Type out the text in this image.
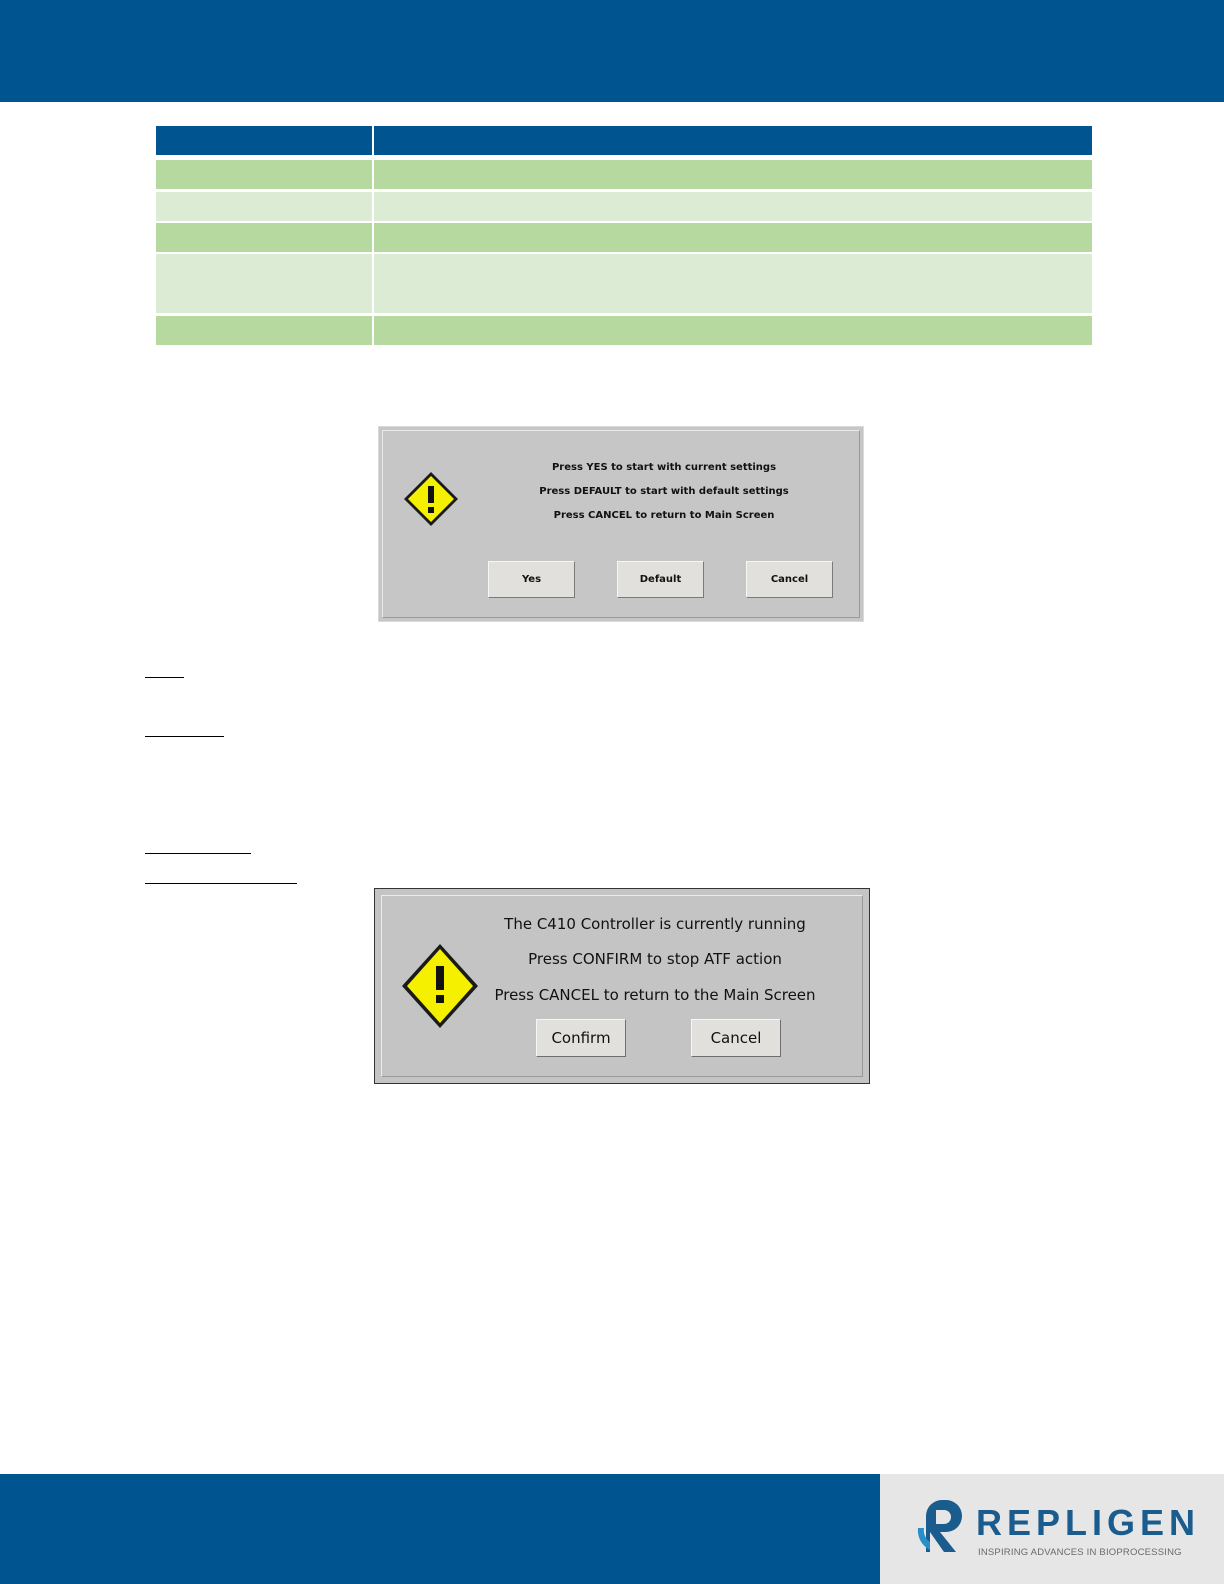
Press YES to start with current settings
Press DEFAULT to start with default settings
Press CANCEL to return to Main Screen
Yes	Default	Cancel
The C410 Controller is currently running
Press CONFIRM to stop ATF action
Press CANCEL to return to the Main Screen
Confirm	Cancel
REPLIGEN
INSPIRING ADVANCES IN BIOPROCESSING
